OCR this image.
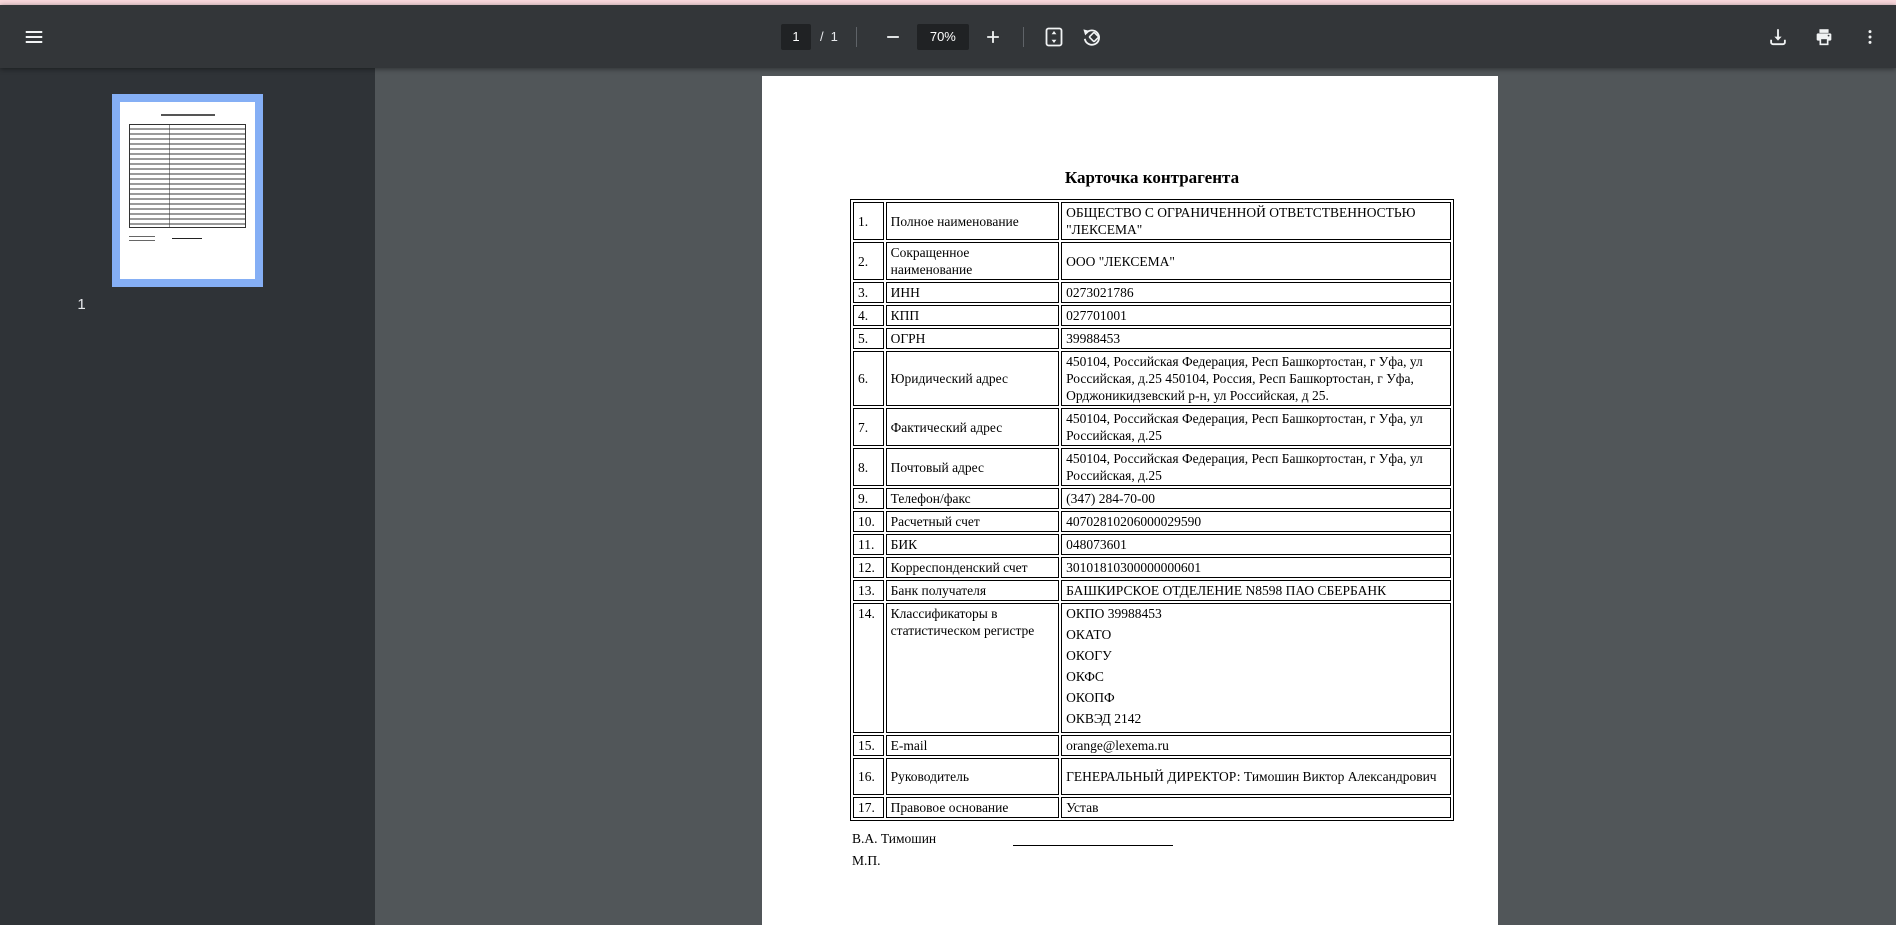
1
/ 1
70%
1
Карточка контрагента
1.	Полное наименование	ОБЩЕСТВО С ОГРАНИЧЕННОЙ ОТВЕТСТВЕННОСТЬЮ "ЛЕКСЕМА"
2.	Сокращенное наименование	ООО "ЛЕКСЕМА"
3.	ИНН	0273021786
4.	КПП	027701001
5.	ОГРН	39988453
6.	Юридический адрес	450104, Российская Федерация, Респ Башкортостан, г Уфа, ул Российская, д.25 450104, Россия, Респ Башкортостан, г Уфа, Орджоникидзевский р-н, ул Российская, д 25.
7.	Фактический адрес	450104, Российская Федерация, Респ Башкортостан, г Уфа, ул Российская, д.25
8.	Почтовый адрес	450104, Российская Федерация, Респ Башкортостан, г Уфа, ул Российская, д.25
9.	Телефон/факс	(347) 284-70-00
10.	Расчетный счет	40702810206000029590
11.	БИК	048073601
12.	Корреспонденский счет	30101810300000000601
13.	Банк получателя	БАШКИРСКОЕ ОТДЕЛЕНИЕ N8598 ПАО СБЕРБАНК
14.	Классификаторы в статистическом регистре	
ОКПО 39988453
ОКАТО
ОКОГУ
ОКФС
ОКОПФ
ОКВЭД 2142

15.	E-mail	orange@lexema.ru
16.	Руководитель	ГЕНЕРАЛЬНЫЙ ДИРЕКТОР: Тимошин Виктор Александрович
17.	Правовое основание	Устав
В.А. Тимошин
М.П.
